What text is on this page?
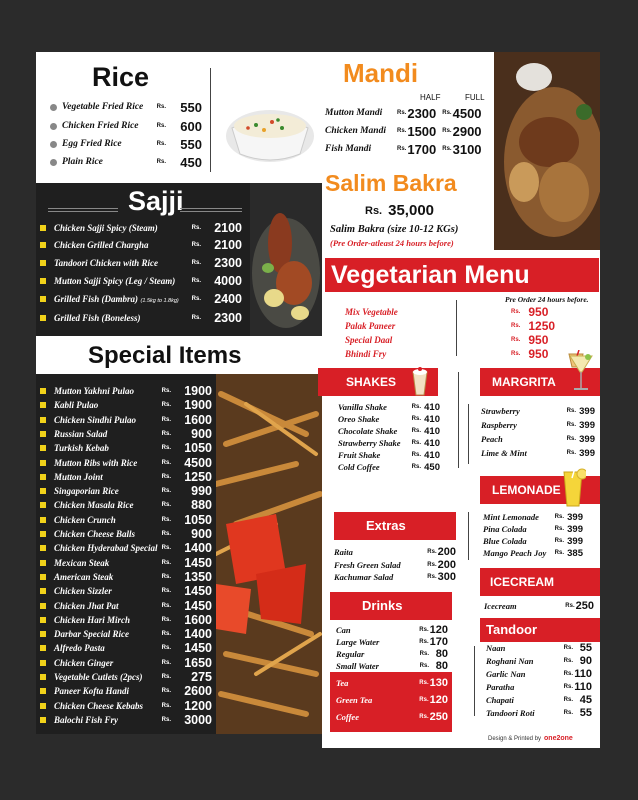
Rice
Vegetable Fried Rice	Rs.	550
Chicken Fried Rice	Rs.	600
Egg Fried Rice	Rs.	550
Plain Rice	Rs.	450
Mandi
HALF	FULL
Mutton Mandi	Rs. 2300 Rs. 4500
Chicken Mandi	Rs. 1500 Rs. 2900
Fish Mandi	Rs. 1700 Rs. 3100
Salim Bakra
Rs. 35,000
Salim Bakra (size 10-12 KGs)
(Pre Order-atleast 24 hours before)
Sajji
Chicken Sajji Spicy (Steam)	Rs.	2100
Chicken Grilled Chargha	Rs.	2100
Tandoori Chicken with Rice	Rs.	2300
Mutton Sajji Spicy (Leg / Steam)	Rs.	4000
Grilled Fish (Dambra) (1.5kg to 1.8kg)	Rs.	2400
Grilled Fish (Boneless)	Rs.	2300
Special Items
Mutton Yakhni Pulao	Rs.	1900
Kabli Pulao	Rs.	1900
Chicken Sindhi Pulao	Rs.	1600
Russian Salad	Rs.	900
Turkish Kebab	Rs.	1050
Mutton Ribs with Rice	Rs.	4500
Mutton Joint	Rs.	1250
Singaporian Rice	Rs.	990
Chicken Masala Rice	Rs.	880
Chicken Crunch	Rs.	1050
Chicken Cheese Balls	Rs.	900
Chicken Hyderabad Special Rs.	1400
Mexican Steak	Rs.	1450
American Steak	Rs.	1350
Chicken Sizzler	Rs.	1450
Chicken Jhat Pat	Rs.	1450
Chicken Hari Mirch	Rs.	1600
Darbar Special Rice	Rs.	1400
Alfredo Pasta	Rs.	1450
Chicken Ginger	Rs.	1650
Vegetable Cutlets (2pcs)	Rs.	275
Paneer Kofta Handi	Rs.	2600
Chicken Cheese Kebabs	Rs.	1200
Balochi Fish Fry	Rs.	3000
Vegetarian Menu
Pre Order 24 hours before.
Mix Vegetable	Rs. 950
Palak Paneer	Rs. 1250
Special Daal	Rs. 950
Bhindi Fry	Rs. 950
SHAKES
Vanilla Shake	Rs. 410
Oreo Shake	Rs. 410
Chocolate Shake	Rs. 410
Strawberry Shake	Rs. 410
Fruit Shake	Rs. 410
Cold Coffee	Rs. 450
MARGRITA
Strawberry	Rs. 399
Raspberry	Rs. 399
Peach	Rs. 399
Lime & Mint	Rs. 399
LEMONADE
Mint Lemonade	Rs. 399
Pina Colada	Rs. 399
Blue Colada	Rs. 399
Mango Peach Joy	Rs. 385
Extras
Raita	Rs. 200
Fresh Green Salad	Rs. 200
Kachumar Salad	Rs. 300	ICECREAM
Icecream	Rs. 250
Drinks
Can	Rs. 120
Large Water	Rs. 170
Regular	Rs. 80
Small Water	Rs. 80
Tea	Rs. 130
Green Tea	Rs. 120
Coffee	Rs. 250
Tandoor
Naan	Rs. 55
Roghani Nan	Rs. 90
Garlic Nan	Rs. 110
Paratha	Rs. 110
Chapati	Rs. 45
Tandoori Roti	Rs. 55
Design & Printed by one2one
